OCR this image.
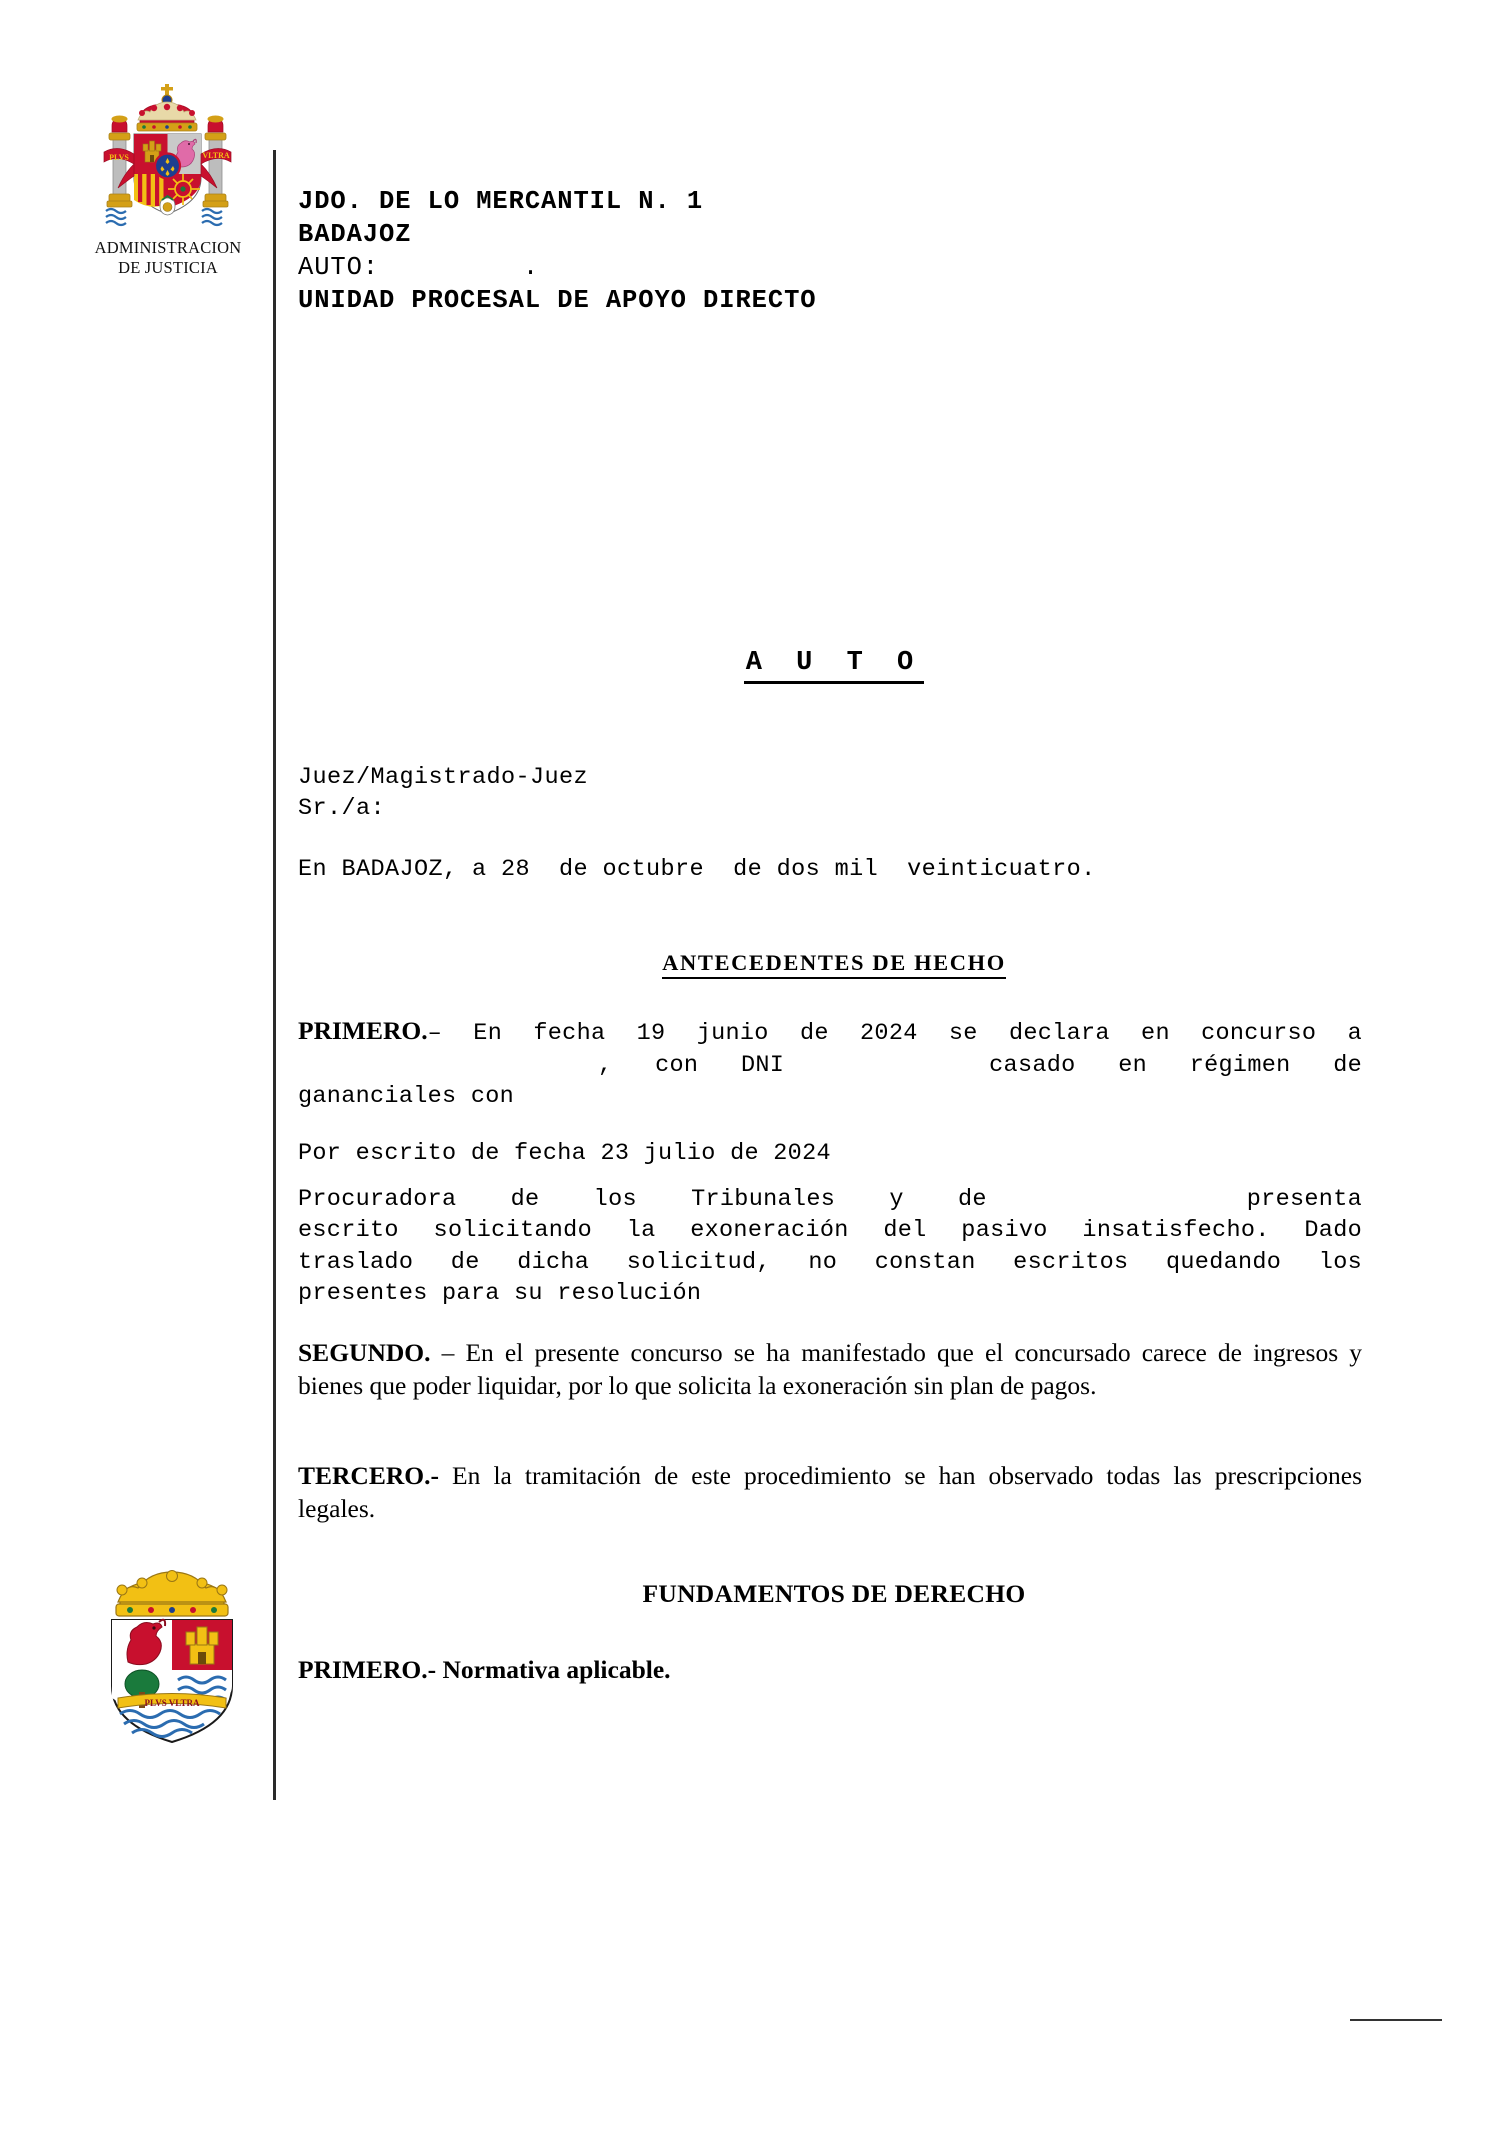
PLVS	VLTRA
ADMINISTRACION
DE JUSTICIA
PLVS VLTRA
JDO. DE LO MERCANTIL N. 1
BADAJOZ
AUTO:	.
UNIDAD PROCESAL DE APOYO DIRECTO
A U T O
Juez/Magistrado-Juez
Sr./a:
En BADAJOZ, a 28  de octubre  de dos mil  veinticuatro.
ANTECEDENTES DE HECHO
PRIMERO.– En fecha 19 junio de 2024 se declara en concurso a
, con DNI	casado en régimen de
gananciales con
Por escrito de fecha 23 julio de 2024
Procuradora de los Tribunales y de	presenta
escrito solicitando la exoneración del pasivo insatisfecho. Dado
traslado de dicha solicitud, no constan escritos quedando los
presentes para su resolución
SEGUNDO. – En el presente concurso se ha manifestado que el concursado carece de ingresos y bienes que poder liquidar, por lo que solicita la exoneración sin plan de pagos.
TERCERO.- En la tramitación de este procedimiento se han observado todas las prescripciones legales.
FUNDAMENTOS DE DERECHO
PRIMERO.- Normativa aplicable.
